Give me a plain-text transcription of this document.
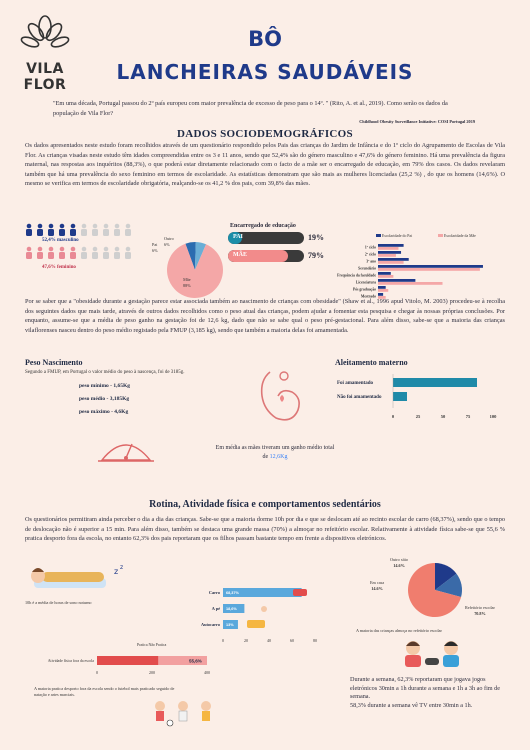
VILA FLOR
BÔ
LANCHEIRAS SAUDÁVEIS
"Em uma década, Portugal passou do 2º país europeu com maior prevalência de excesso de peso para o 14º. " (Rito, A. et al., 2019). Como serão os dados da população de Vila Flor?
Childhood Obesity Surveillance Initiative: COSI Portugal 2019
DADOS SOCIODEMOGRÁFICOS
Os dados apresentados neste estudo foram recolhidos através de um questionário respondido pelos Pais das crianças do Jardim de Infância e do 1º ciclo do Agrupamento de Escolas de Vila Flor. As crianças visadas neste estudo têm idades compreendidas entre os 3 e 11 anos, sendo que 52,4% são do género masculino e 47,6% do género feminino. Há uma prevalência da figura maternal, nas respostas aos inquéritos (88,3%), o que poderá estar diretamente relacionado com o facto de a mãe ser o encarregado de educação, em 79% dos casos. Os dados revelaram também que há uma prevalência do sexo feminino em termos de escolaridade. As estatísticas demonstram que são mais as mulheres licenciadas (25,2 %) , do que os homens (14,6%). O mesmo se verifica em termos de escolaridade obrigatória, realçando-se os 41,2 % dos pais, com 39,8% das mães.
52,4% masculino
47,6% feminino
Pai
6%
Outro
6%
Mãe
88%
Encarregado de educação
PAI	19%
MÃE	79%
Escolaridade do Pai	Escolaridade da Mãe
1º ciclo
2º ciclo
3º ano
Secundário
Frequência da faculdade
Licenciatura
Pós graduação
Mestrado
Por se saber que a "obesidade durante a gestação parece estar associada também ao nascimento de crianças com obesidade" (Shaw et al., 1996 apud Vitolo, M. 2003) procedeu-se à recolha dos seguintes dados que mais tarde, através de outros dados recolhidos como o peso atual das crianças, podem ajudar a fomentar esta pesquisa e chegar às nossas próprias conclusões. Por enquanto, assume-se que a média de peso ganho na gestação foi de 12,6 kg, dado que não se sabe qual o peso pré-gestacional. Para além disso, sabe-se que a maioria das crianças vilaflorenses nasceu dentro do peso médio registado pela FMUP (3,185 kg), sendo que também a maioria delas foi amamentada.
Peso Nascimento
Segundo a FMUP, em Portugal o valor médio do peso à nascença, foi de 3185g.
peso mínimo - 1,65Kg
peso médio - 3,185Kg
peso máximo - 4,6Kg
Em média as mães tiveram um ganho médio total de 12,6Kg
Aleitamento materno
Foi amamentado
Não foi amamentado
0	25	50	75	100
Rotina, Atividade física e comportamentos sedentários
Os questionários permitiram ainda perceber o dia a dia das crianças. Sabe-se que a maioria dorme 10h por dia e que se deslocam até ao recinto escolar de carro (68,37%), sendo que o tempo de deslocação não é superior a 15 min. Para além disso, também se destaca uma grande massa (70%) a almoçar no refeitório escolar. Relativamente à atividade física sabe-se que 55,6 % pratica desporto fora da escola, no entanto 62,3% dos pais reportaram que os filhos passam bastante tempo em frente a dispositivos eletrónicos.
z z
10h é a média de horas de sono noturno
Carro 68,37%
A pé 18,6%
Autocarro 13%
0	20	40	60	80
Outro sítio
14.6%
Em casa
14.6%
Refeitório escolar
70.8%
A maioria das crianças almoça no refeitório escolar
Pratica Não Pratica
Atividade física fora da escola	55,6%
0	200	400
A maioria pratica desporto fora da escola sendo o futebol mais praticado seguido de natação e artes marciais.
Durante a semana, 62,3% reportaram que jogava jogos eletrónicos 30min a 1h durante a semana e 1h a 3h ao fim de semana.
58,3% durante a semana vê TV entre 30min a 1h.
